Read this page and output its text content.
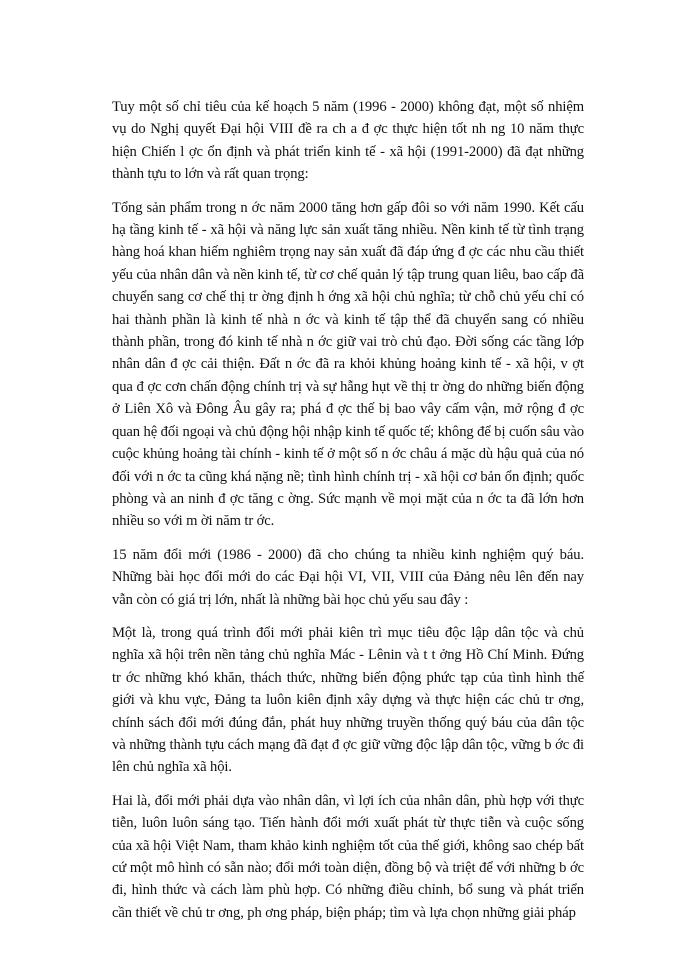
Tuy một số chỉ tiêu của kế hoạch 5 năm (1996 - 2000) không đạt, một số nhiệm vụ do Nghị quyết Đại hội VIII đề ra ch a đ ợc thực hiện tốt nh ng 10 năm thực hiện Chiến l ợc ổn định và phát triển kinh tế - xã hội (1991-2000) đã đạt những thành tựu to lớn và rất quan trọng:

Tổng sản phẩm trong n ớc năm 2000 tăng hơn gấp đôi so với năm 1990. Kết cấu hạ tầng kinh tế - xã hội và năng lực sản xuất tăng nhiều. Nền kinh tế từ tình trạng hàng hoá khan hiếm nghiêm trọng nay sản xuất đã đáp ứng đ ợc các nhu cầu thiết yếu của nhân dân và nền kinh tế, từ cơ chế quản lý tập trung quan liêu, bao cấp đã chuyển sang cơ chế thị tr ờng định h ớng xã hội chủ nghĩa; từ chỗ chủ yếu chỉ có hai thành phần là kinh tế nhà n ớc và kinh tế tập thể đã chuyển sang có nhiều thành phần, trong đó kinh tế nhà n ớc giữ vai trò chủ đạo. Đời sống các tầng lớp nhân dân đ ợc cải thiện. Đất n ớc đã ra khỏi khủng hoảng kinh tế - xã hội, v ợt qua đ ợc cơn chấn động chính trị và sự hẫng hụt về thị tr ờng do những biến động ở Liên Xô và Đông Âu gây ra; phá đ ợc thế bị bao vây cấm vận, mở rộng đ ợc quan hệ đối ngoại và chủ động hội nhập kinh tế quốc tế; không để bị cuốn sâu vào cuộc khủng hoảng tài chính - kinh tế ở một số n ớc châu á mặc dù hậu quả của nó đối với n ớc ta cũng khá nặng nề; tình hình chính trị - xã hội cơ bản ổn định; quốc phòng và an ninh đ ợc tăng c ờng. Sức mạnh về mọi mặt của n ớc ta đã lớn hơn nhiều so với m ời năm tr ớc.

15 năm đổi mới (1986 - 2000) đã cho chúng ta nhiều kinh nghiệm quý báu. Những bài học đổi mới do các Đại hội VI, VII, VIII của Đảng nêu lên đến nay vẫn còn có giá trị lớn, nhất là những bài học chủ yếu sau đây :

Một là, trong quá trình đổi mới phải kiên trì mục tiêu độc lập dân tộc và chủ nghĩa xã hội trên nền tảng chủ nghĩa Mác - Lênin và t t ởng Hồ Chí Minh. Đứng tr ớc những khó khăn, thách thức, những biến động phức tạp của tình hình thế giới và khu vực, Đảng ta luôn kiên định xây dựng và thực hiện các chủ tr ơng, chính sách đổi mới đúng đắn, phát huy những truyền thống quý báu của dân tộc và những thành tựu cách mạng đã đạt đ ợc giữ vững độc lập dân tộc, vững b ớc đi lên chủ nghĩa xã hội.

Hai là, đổi mới phải dựa vào nhân dân, vì lợi ích của nhân dân, phù hợp với thực tiễn, luôn luôn sáng tạo. Tiến hành đổi mới xuất phát từ thực tiễn và cuộc sống của xã hội Việt Nam, tham khảo kinh nghiệm tốt của thế giới, không sao chép bất cứ một mô hình có sẵn nào; đổi mới toàn diện, đồng bộ và triệt để với những b ớc đi, hình thức và cách làm phù hợp. Có những điều chỉnh, bổ sung và phát triển cần thiết về chủ tr ơng, ph ơng pháp, biện pháp; tìm và lựa chọn những giải pháp
